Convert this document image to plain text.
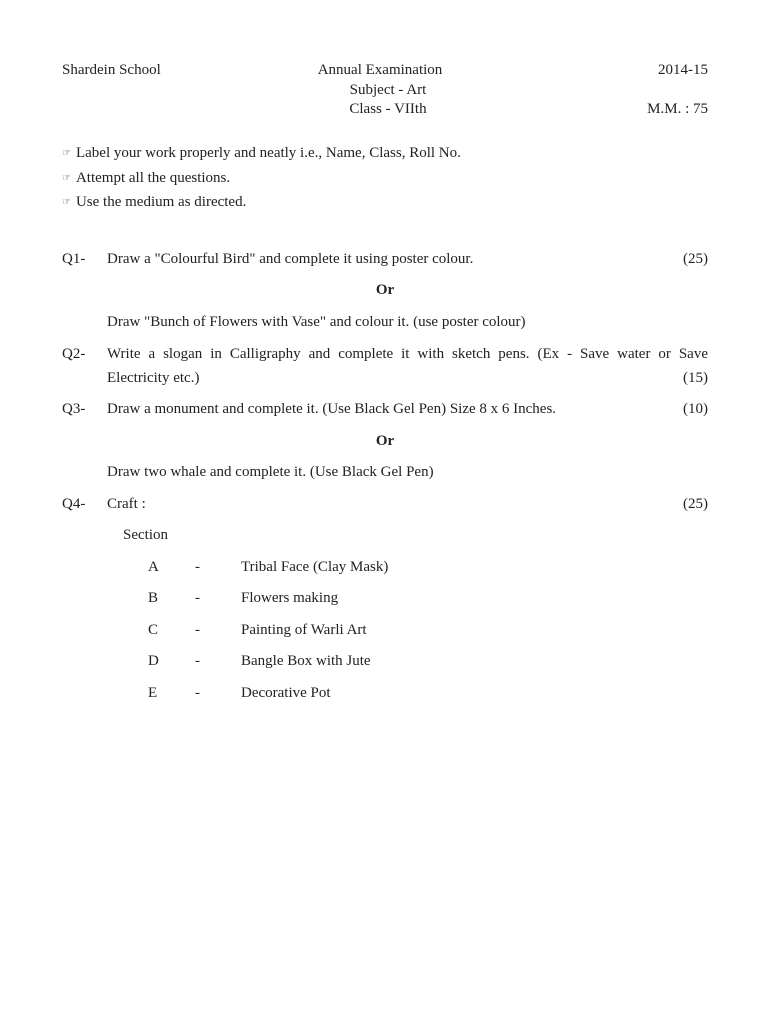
Shardein School	Annual Examination	2014-15
Subject - Art
Class - VIIth	M.M. : 75
☞ Label your work properly and neatly i.e., Name, Class, Roll No.
☞ Attempt all the questions.
☞ Use the medium as directed.
Q1- Draw a "Colourful Bird" and complete it using poster colour.	(25)
Or
Draw "Bunch of Flowers with Vase" and colour it. (use poster colour)
Q2- Write a slogan in Calligraphy and complete it with sketch pens. (Ex - Save water or Save
Electricity etc.)	(15)
Q3- Draw a monument and complete it. (Use Black Gel Pen) Size 8 x 6 Inches.	(10)
Or
Draw two whale and complete it. (Use Black Gel Pen)
Q4- Craft :	(25)
Section
A -	Tribal Face (Clay Mask)
B -	Flowers making
C -	Painting of Warli Art
D -	Bangle Box with Jute
E	-	Decorative Pot
